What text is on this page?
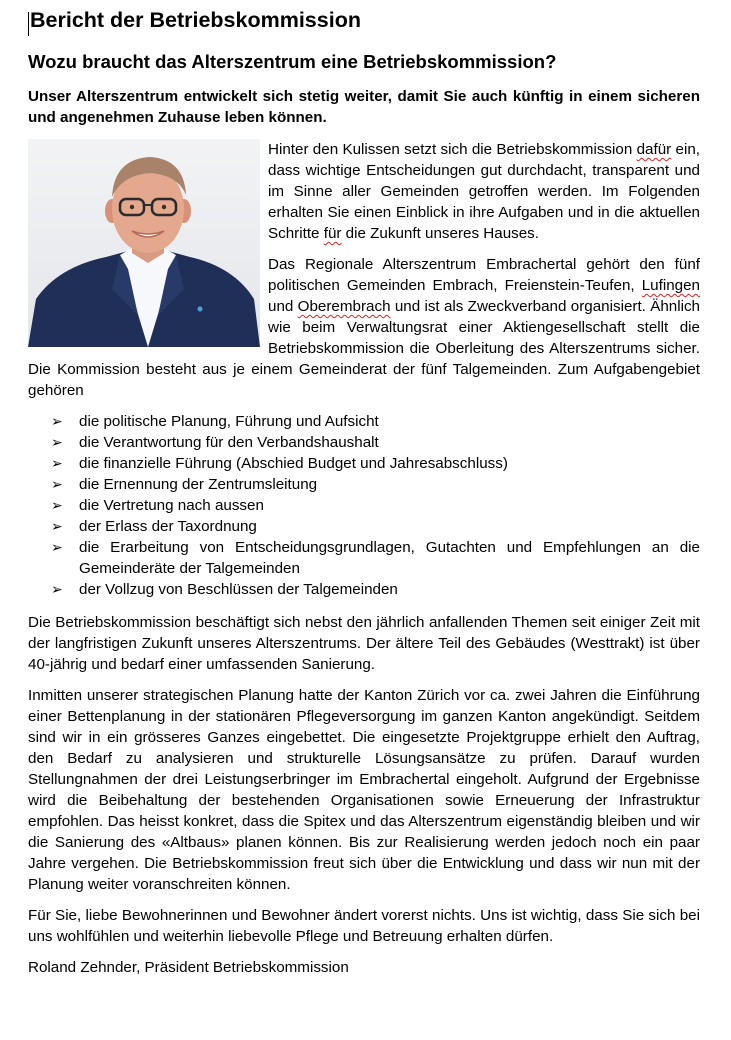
Bericht der Betriebskommission
Wozu braucht das Alterszentrum eine Betriebskommission?

Unser Alterszentrum entwickelt sich stetig weiter, damit Sie auch künftig in einem sicheren und angenehmen Zuhause leben können.

Hinter den Kulissen setzt sich die Betriebskommission dafür ein, dass wichtige Entscheidungen gut durchdacht, transparent und im Sinne aller Gemeinden getroffen werden. Im Folgenden erhalten Sie einen Einblick in ihre Aufgaben und in die aktuellen Schritte für die Zukunft unseres Hauses.

Das Regionale Alterszentrum Embrachertal gehört den fünf politischen Gemeinden Embrach, Freienstein-Teufen, Lufingen und Oberembrach und ist als Zweckverband organisiert. Ähnlich wie beim Verwaltungsrat einer Aktiengesellschaft stellt die Betriebskommission die Oberleitung des Alterszentrums sicher. Die Kommission besteht aus je einem Gemeinderat der fünf Talgemeinden. Zum Aufgabengebiet gehören

➢ die politische Planung, Führung und Aufsicht
➢ die Verantwortung für den Verbandshaushalt
➢ die finanzielle Führung (Abschied Budget und Jahresabschluss)
➢ die Ernennung der Zentrumsleitung
➢ die Vertretung nach aussen
➢ der Erlass der Taxordnung
➢ die Erarbeitung von Entscheidungsgrundlagen, Gutachten und Empfehlungen an die Gemeinderäte der Talgemeinden
➢ der Vollzug von Beschlüssen der Talgemeinden

Die Betriebskommission beschäftigt sich nebst den jährlich anfallenden Themen seit einiger Zeit mit der langfristigen Zukunft unseres Alterszentrums. Der ältere Teil des Gebäudes (Westtrakt) ist über 40-jährig und bedarf einer umfassenden Sanierung.

Inmitten unserer strategischen Planung hatte der Kanton Zürich vor ca. zwei Jahren die Einführung einer Bettenplanung in der stationären Pflegeversorgung im ganzen Kanton angekündigt. Seitdem sind wir in ein grösseres Ganzes eingebettet. Die eingesetzte Projektgruppe erhielt den Auftrag, den Bedarf zu analysieren und strukturelle Lösungsansätze zu prüfen. Darauf wurden Stellungnahmen der drei Leistungserbringer im Embrachertal eingeholt. Aufgrund der Ergebnisse wird die Beibehaltung der bestehenden Organisationen sowie Erneuerung der Infrastruktur empfohlen. Das heisst konkret, dass die Spitex und das Alterszentrum eigenständig bleiben und wir die Sanierung des «Altbaus» planen können. Bis zur Realisierung werden jedoch noch ein paar Jahre vergehen. Die Betriebskommission freut sich über die Entwicklung und dass wir nun mit der Planung weiter voranschreiten können.

Für Sie, liebe Bewohnerinnen und Bewohner ändert vorerst nichts. Uns ist wichtig, dass Sie sich bei uns wohlfühlen und weiterhin liebevolle Pflege und Betreuung erhalten dürfen.

Roland Zehnder, Präsident Betriebskommission
